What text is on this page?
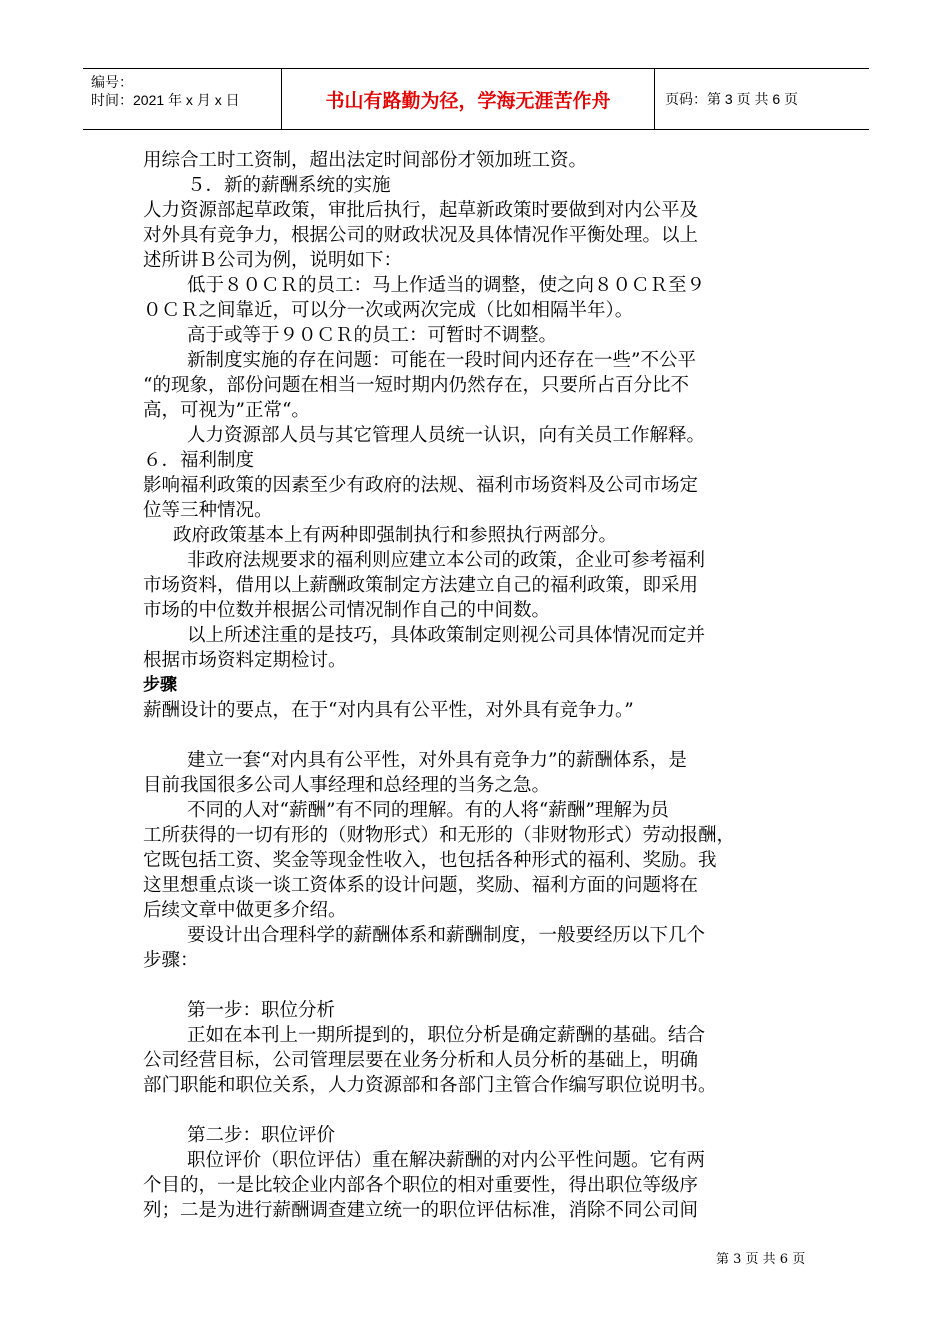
编号：
时间：2021 年 x 月 x 日	书山有路勤为径，学海无涯苦作舟	页码：第 3 页 共 6 页

用综合工时工资制，超出法定时间部份才领加班工资。

５．新的薪酬系统的实施

人力资源部起草政策，审批后执行，起草新政策时要做到对内公平及

对外具有竞争力，根据公司的财政状况及具体情况作平衡处理。以上

述所讲Ｂ公司为例，说明如下：

低于８０ＣＲ的员工：马上作适当的调整，使之向８０ＣＲ至９

０ＣＲ之间靠近，可以分一次或两次完成（比如相隔半年）。

高于或等于９０ＣＲ的员工：可暂时不调整。

新制度实施的存在问题：可能在一段时间内还存在一些”不公平

“的现象，部份问题在相当一短时期内仍然存在，只要所占百分比不

高，可视为”正常“。

人力资源部人员与其它管理人员统一认识，向有关员工作解释。

６．福利制度

影响福利政策的因素至少有政府的法规、福利市场资料及公司市场定

位等三种情况。

政府政策基本上有两种即强制执行和参照执行两部分。

非政府法规要求的福利则应建立本公司的政策，企业可参考福利

市场资料，借用以上薪酬政策制定方法建立自己的福利政策，即采用

市场的中位数并根据公司情况制作自己的中间数。

以上所述注重的是技巧，具体政策制定则视公司具体情况而定并

根据市场资料定期检讨。

步骤

薪酬设计的要点，在于“对内具有公平性，对外具有竞争力。”

建立一套“对内具有公平性，对外具有竞争力”的薪酬体系，是

目前我国很多公司人事经理和总经理的当务之急。

不同的人对“薪酬”有不同的理解。有的人将“薪酬”理解为员

工所获得的一切有形的（财物形式）和无形的（非财物形式）劳动报酬，

它既包括工资、奖金等现金性收入，也包括各种形式的福利、奖励。我

这里想重点谈一谈工资体系的设计问题，奖励、福利方面的问题将在

后续文章中做更多介绍。

要设计出合理科学的薪酬体系和薪酬制度，一般要经历以下几个

步骤：

第一步：职位分析

正如在本刊上一期所提到的，职位分析是确定薪酬的基础。结合

公司经营目标，公司管理层要在业务分析和人员分析的基础上，明确

部门职能和职位关系，人力资源部和各部门主管合作编写职位说明书。

第二步：职位评价

职位评价（职位评估）重在解决薪酬的对内公平性问题。它有两

个目的，一是比较企业内部各个职位的相对重要性，得出职位等级序

列；二是为进行薪酬调查建立统一的职位评估标准，消除不同公司间

第 3 页 共 6 页
